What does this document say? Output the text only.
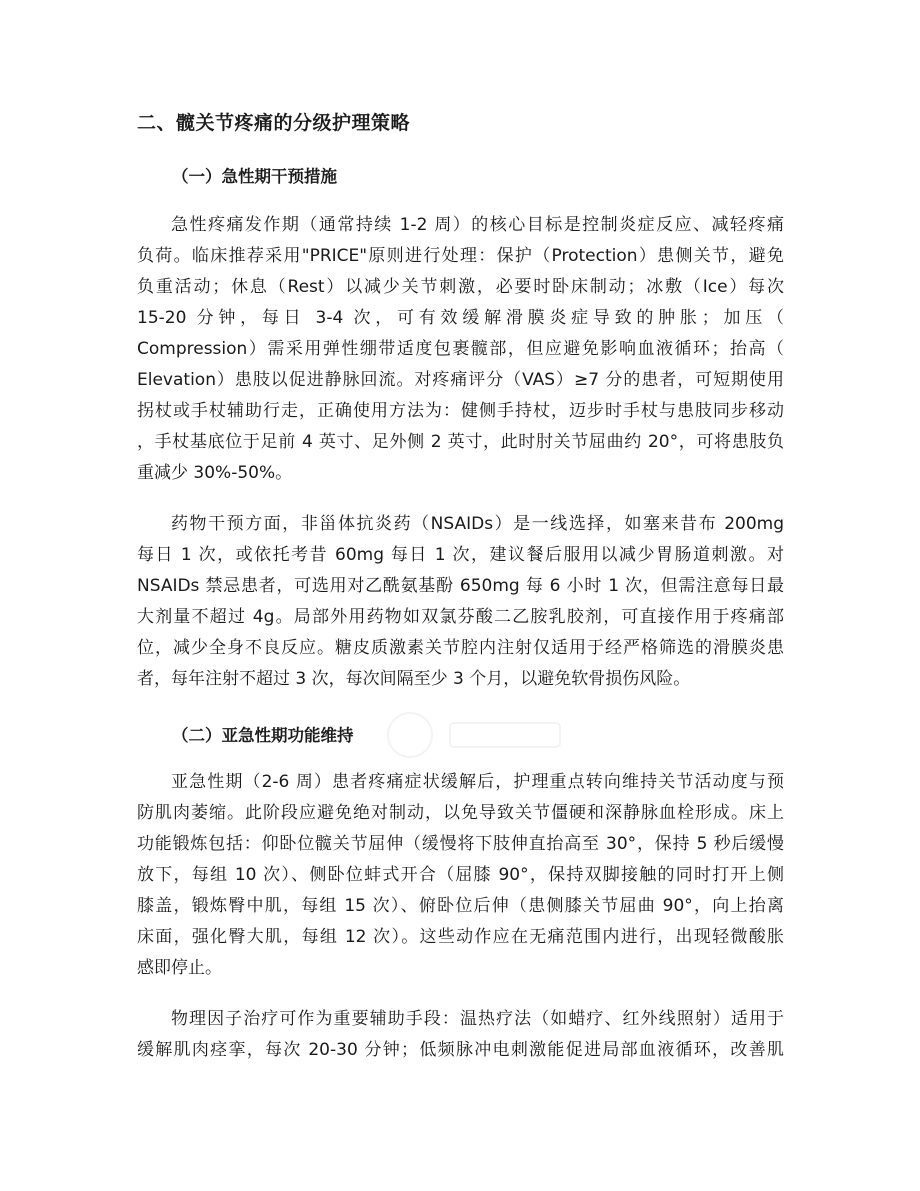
二、髋关节疼痛的分级护理策略
（一）急性期干预措施
急性疼痛发作期（通常持续 1-2 周）的核心目标是控制炎症反应、减轻疼痛
负荷。临床推荐采用"PRICE"原则进行处理：保护（Protection）患侧关节，避免
负重活动；休息（Rest）以减少关节刺激，必要时卧床制动；冰敷（Ice）每次
15-20 分钟，每日 3-4 次，可有效缓解滑膜炎症导致的肿胀；加压（
Compression）需采用弹性绷带适度包裹髋部，但应避免影响血液循环；抬高（
Elevation）患肢以促进静脉回流。对疼痛评分（VAS）≥7 分的患者，可短期使用
拐杖或手杖辅助行走，正确使用方法为：健侧手持杖，迈步时手杖与患肢同步移动
，手杖基底位于足前 4 英寸、足外侧 2 英寸，此时肘关节屈曲约 20°，可将患肢负
重减少 30%-50%。
药物干预方面，非甾体抗炎药（NSAIDs）是一线选择，如塞来昔布 200mg
每日 1 次，或依托考昔 60mg 每日 1 次，建议餐后服用以减少胃肠道刺激。对
NSAIDs 禁忌患者，可选用对乙酰氨基酚 650mg 每 6 小时 1 次，但需注意每日最
大剂量不超过 4g。局部外用药物如双氯芬酸二乙胺乳胶剂，可直接作用于疼痛部
位，减少全身不良反应。糖皮质激素关节腔内注射仅适用于经严格筛选的滑膜炎患
者，每年注射不超过 3 次，每次间隔至少 3 个月，以避免软骨损伤风险。
（二）亚急性期功能维持
亚急性期（2-6 周）患者疼痛症状缓解后，护理重点转向维持关节活动度与预
防肌肉萎缩。此阶段应避免绝对制动，以免导致关节僵硬和深静脉血栓形成。床上
功能锻炼包括：仰卧位髋关节屈伸（缓慢将下肢伸直抬高至 30°，保持 5 秒后缓慢
放下，每组 10 次）、侧卧位蚌式开合（屈膝 90°，保持双脚接触的同时打开上侧
膝盖，锻炼臀中肌，每组 15 次）、俯卧位后伸（患侧膝关节屈曲 90°，向上抬离
床面，强化臀大肌，每组 12 次）。这些动作应在无痛范围内进行，出现轻微酸胀
感即停止。
物理因子治疗可作为重要辅助手段：温热疗法（如蜡疗、红外线照射）适用于
缓解肌肉痉挛，每次 20-30 分钟；低频脉冲电刺激能促进局部血液循环，改善肌
